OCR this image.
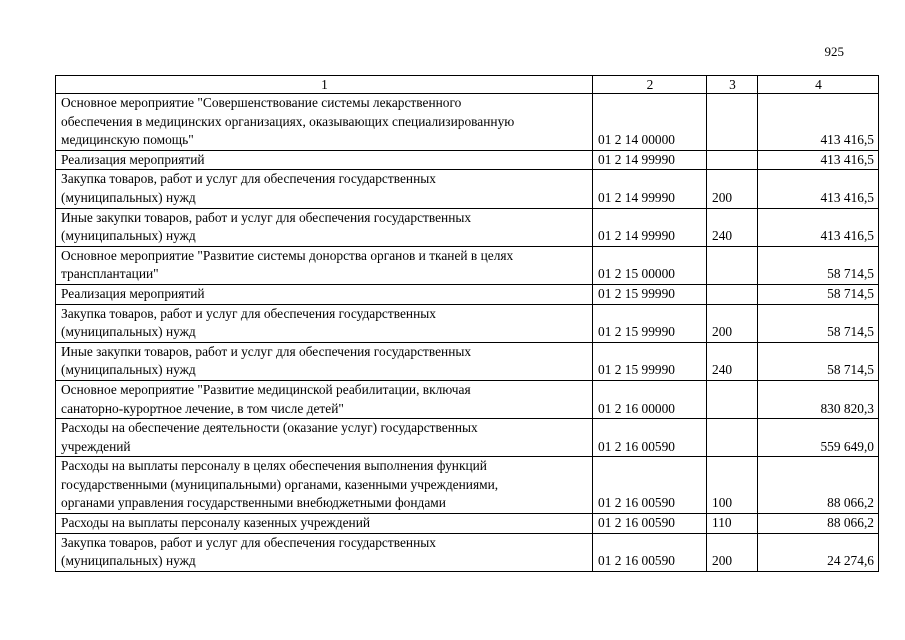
925
1	2	3	4

Основное мероприятие "Совершенствование системы лекарственного
обеспечения в медицинских организациях, оказывающих специализированную
медицинскую помощь"	01 2 14 00000		413 416,5

Реализация мероприятий	01 2 14 99990		413 416,5

Закупка товаров, работ и услуг для обеспечения государственных
(муниципальных) нужд	01 2 14 99990	200	413 416,5

Иные закупки товаров, работ и услуг для обеспечения государственных
(муниципальных) нужд	01 2 14 99990	240	413 416,5

Основное мероприятие "Развитие системы донорства органов и тканей в целях
трансплантации"	01 2 15 00000		58 714,5

Реализация мероприятий	01 2 15 99990		58 714,5

Закупка товаров, работ и услуг для обеспечения государственных
(муниципальных) нужд	01 2 15 99990	200	58 714,5

Иные закупки товаров, работ и услуг для обеспечения государственных
(муниципальных) нужд	01 2 15 99990	240	58 714,5

Основное мероприятие "Развитие медицинской реабилитации, включая
санаторно-курортное лечение, в том числе детей"	01 2 16 00000		830 820,3

Расходы на обеспечение деятельности (оказание услуг) государственных
учреждений	01 2 16 00590		559 649,0

Расходы на выплаты персоналу в целях обеспечения выполнения функций
государственными (муниципальными) органами, казенными учреждениями,
органами управления государственными внебюджетными фондами	01 2 16 00590	100	88 066,2

Расходы на выплаты персоналу казенных учреждений	01 2 16 00590	110	88 066,2

Закупка товаров, работ и услуг для обеспечения государственных
(муниципальных) нужд	01 2 16 00590	200	24 274,6
